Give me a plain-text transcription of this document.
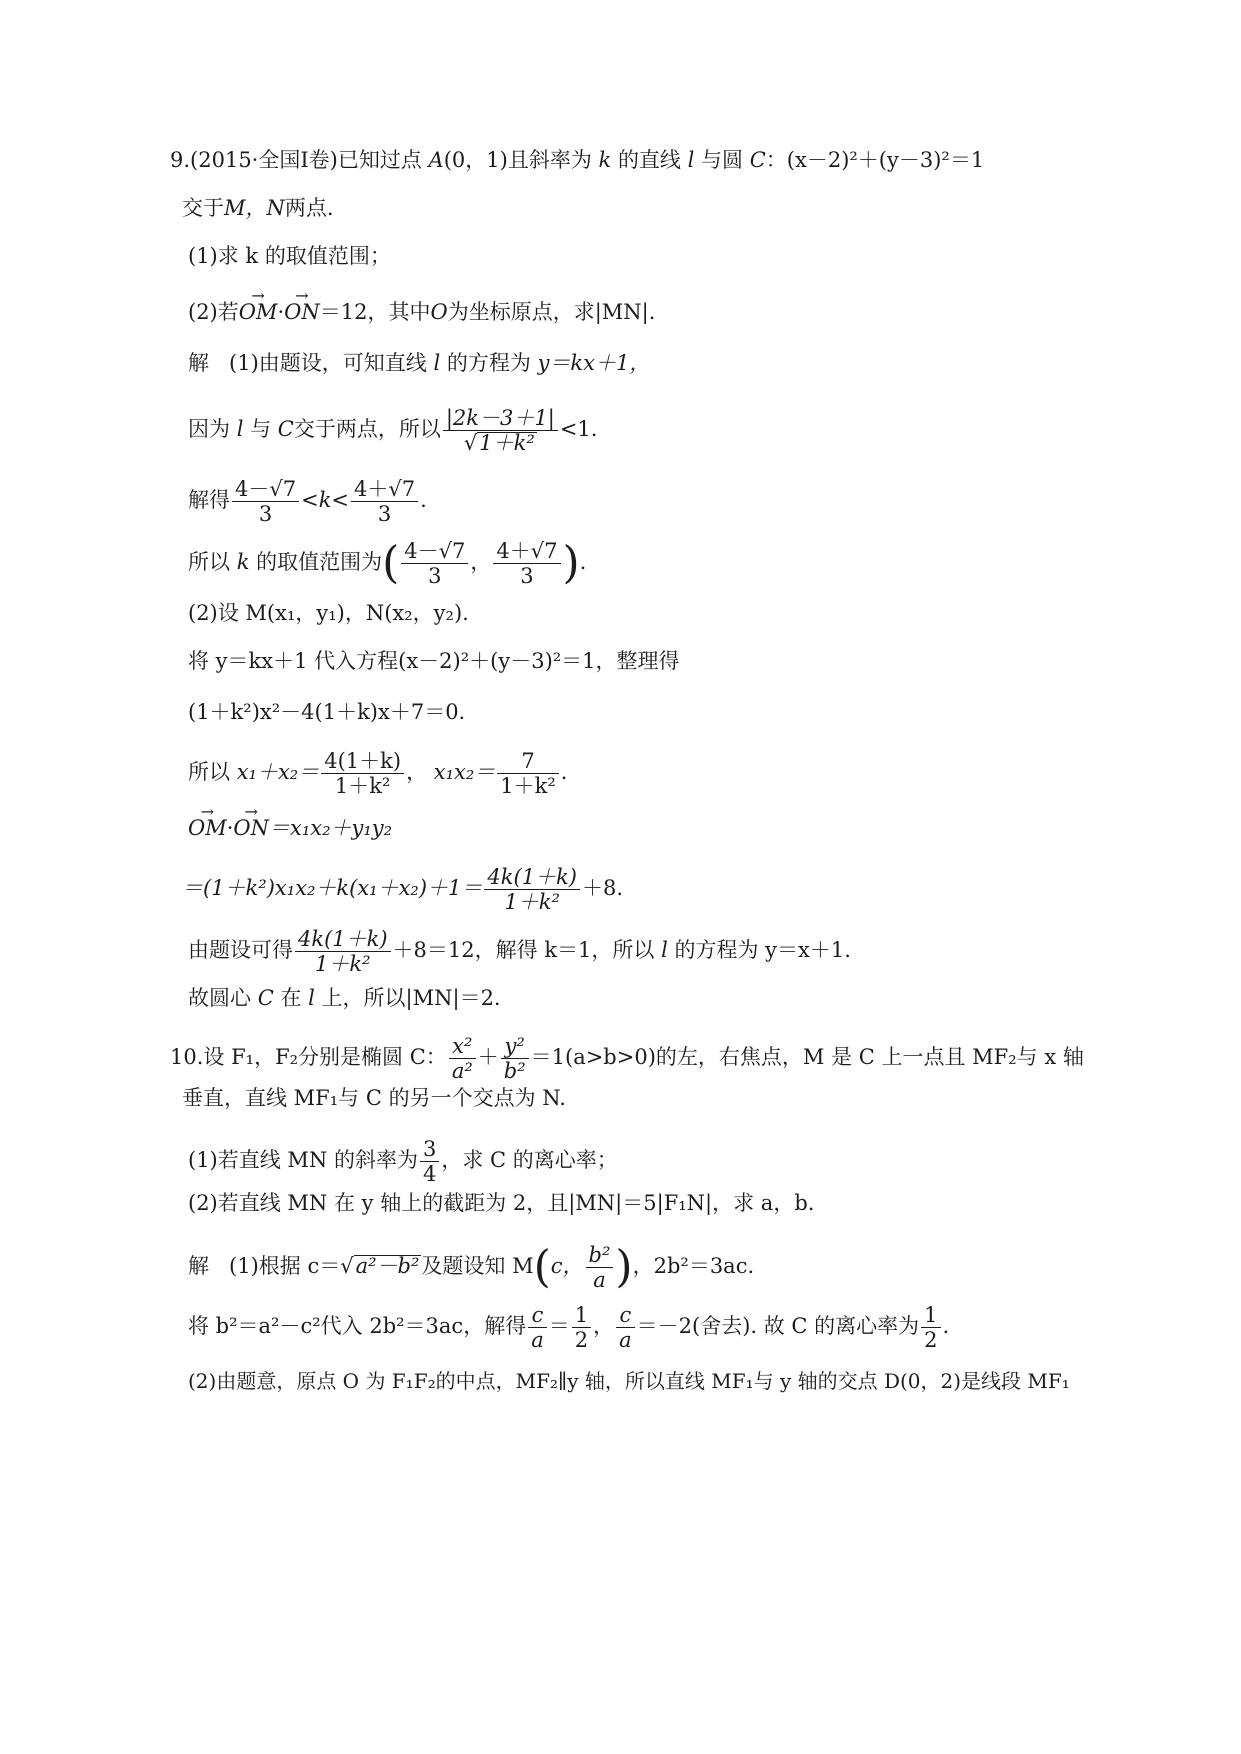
9.(2015·全国Ⅰ卷)已知过点 A(0，1)且斜率为 k 的直线 l 与圆 C：(x－2)²＋(y－3)²＝1
交于M，N两点.
(1)求 k 的取值范围；
(2)若→ OM·→ ON＝12，其中O为坐标原点，求|MN|.
解 (1)由题设，可知直线 l 的方程为 y＝kx＋1，
因为 l 与 C交于两点，所以 $\frac{|2k-3+1|}{\text{√1＋k²}} <1$.
解得 $\frac{4-√7}{3} <k< \frac{4+√7}{3}$ .
所以 k 的取值范围为( $\frac{4-√7}{3}$ ， $\frac{4+√7}{3}$ ).
(2)设 M(x₁，y₁)，N(x₂，y₂).
将 y＝kx＋1 代入方程(x－2)²＋(y－3)²＝1，整理得
(1＋k²)x²－4(1＋k)x＋7＝0.
所以 $x_1+x_2= \frac{4(1+k)}{\text{1＋k²}}$ ， $x_1x_2= \frac{7}{\text{1＋k²}}$ .
→ OM·→ ON＝x₁x₂＋y₁y₂
$=(1+k^2)x_1x_2+k(x_1+x_2)+1= \frac{4k(1+k)}{\text{1＋k²}} +8$.
由题设可得 $\frac{4k(1+k)}{\text{1＋k²}} +8=12$，解得 k＝1，所以 l 的方程为 y＝x＋1.
故圆心 C 在 l 上，所以|MN|＝2.
10.设 F₁，F₂分别是椭圆 C： $\frac{\text{x²}}{\text{a²}} + \frac{\text{y²}}{\text{b²}} =1(a>b>0)$的左，右焦点，M 是 C 上一点且 MF₂与 x 轴
垂直，直线 MF₁与 C 的另一个交点为 N.
(1)若直线 MN 的斜率为 $\frac{3}{4}$ ，求 C 的离心率；
(2)若直线 MN 在 y 轴上的截距为 2，且|MN|＝5|F₁N|，求 a，b.
解 (1)根据 c＝√a²－b²及题设知 M(c， $\frac{\text{b²}}{a}$ )，2b²＝3ac.
将 b²＝a²－c²代入 2b²＝3ac，解得 $\frac{c}{a} = \frac{1}{2}$ ， $\frac{c}{a} =-2$(舍去). 故 C 的离心率为 $\frac{1}{2}$ .
(2)由题意，原点 O 为 F₁F₂的中点，MF₂∥y 轴，所以直线 MF₁与 y 轴的交点 D(0，2)是线段 MF₁
